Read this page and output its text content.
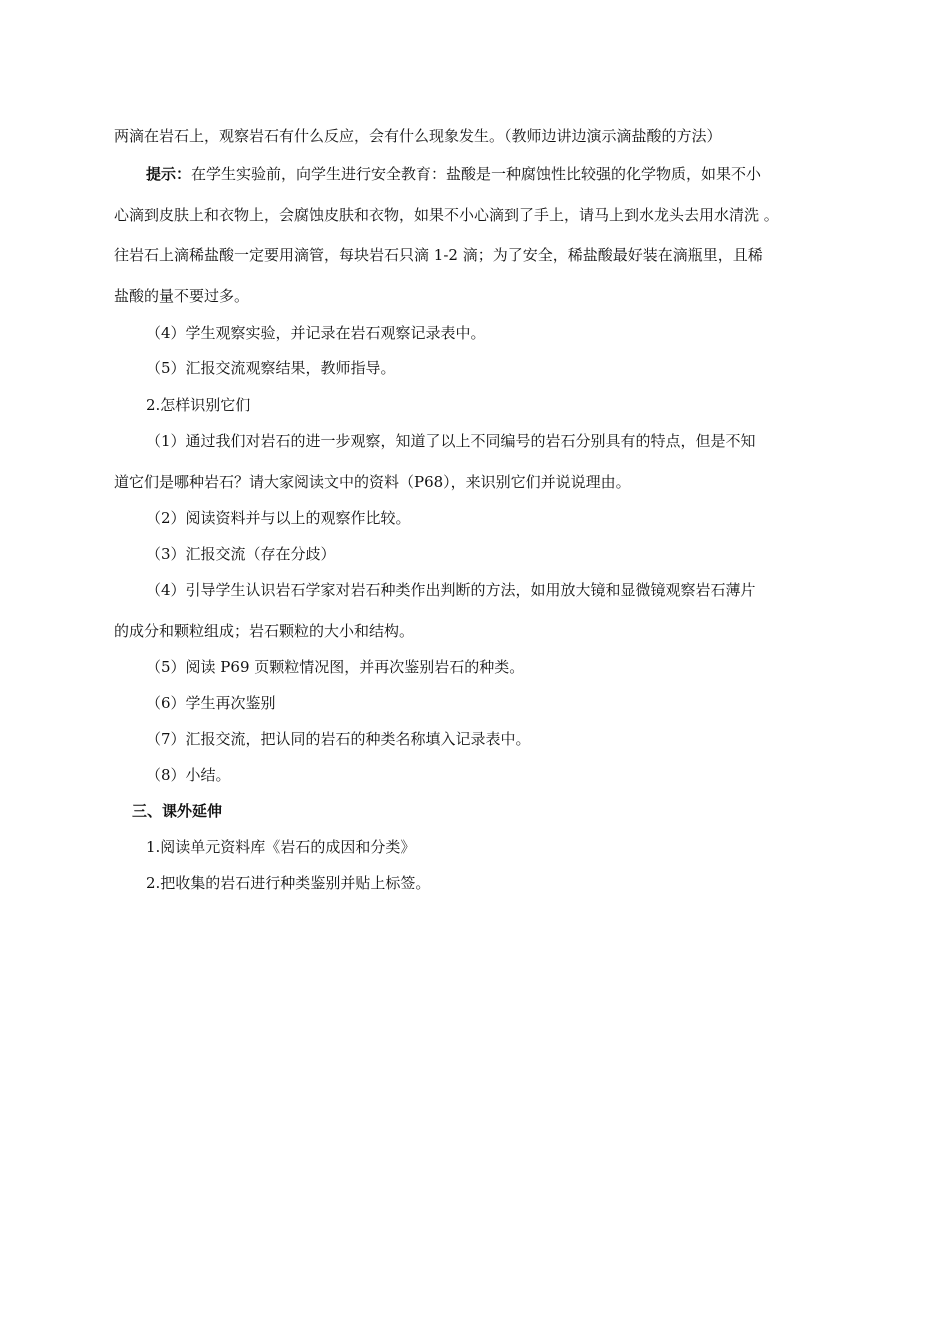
两滴在岩石上，观察岩石有什么反应，会有什么现象发生。（教师边讲边演示滴盐酸的方法）
提示：在学生实验前，向学生进行安全教育：盐酸是一种腐蚀性比较强的化学物质，如果不小
心滴到皮肤上和衣物上，会腐蚀皮肤和衣物，如果不小心滴到了手上，请马上到水龙头去用水清洗 。
往岩石上滴稀盐酸一定要用滴管，每块岩石只滴 1-2 滴；为了安全，稀盐酸最好装在滴瓶里，且稀
盐酸的量不要过多。
（4）学生观察实验，并记录在岩石观察记录表中。
（5）汇报交流观察结果，教师指导。
2.怎样识别它们
（1）通过我们对岩石的进一步观察，知道了以上不同编号的岩石分别具有的特点，但是不知
道它们是哪种岩石？请大家阅读文中的资料（P68），来识别它们并说说理由。
（2）阅读资料并与以上的观察作比较。
（3）汇报交流（存在分歧）
（4）引导学生认识岩石学家对岩石种类作出判断的方法，如用放大镜和显微镜观察岩石薄片
的成分和颗粒组成；岩石颗粒的大小和结构。
（5）阅读 P69 页颗粒情况图，并再次鉴别岩石的种类。
（6）学生再次鉴别
（7）汇报交流，把认同的岩石的种类名称填入记录表中。
（8）小结。
三、课外延伸
1.阅读单元资料库《岩石的成因和分类》
2.把收集的岩石进行种类鉴别并贴上标签。
